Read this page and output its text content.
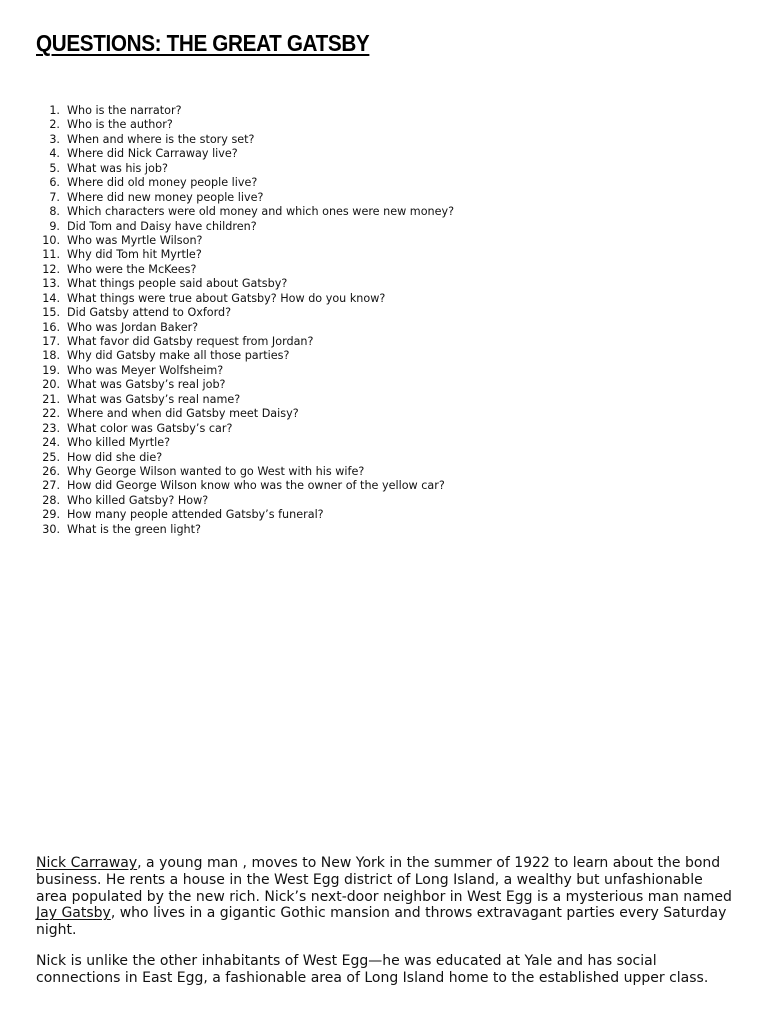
QUESTIONS: THE GREAT GATSBY
1. Who is the narrator?
2. Who is the author?
3. When and where is the story set?
4. Where did Nick Carraway live?
5. What was his job?
6. Where did old money people live?
7. Where did new money people live?
8. Which characters were old money and which ones were new money?
9. Did Tom and Daisy have children?
10. Who was Myrtle Wilson?
11. Why did Tom hit Myrtle?
12. Who were the McKees?
13. What things people said about Gatsby?
14. What things were true about Gatsby? How do you know?
15. Did Gatsby attend to Oxford?
16. Who was Jordan Baker?
17. What favor did Gatsby request from Jordan?
18. Why did Gatsby make all those parties?
19. Who was Meyer Wolfsheim?
20. What was Gatsby’s real job?
21. What was Gatsby’s real name?
22. Where and when did Gatsby meet Daisy?
23. What color was Gatsby’s car?
24. Who killed Myrtle?
25. How did she die?
26. Why George Wilson wanted to go West with his wife?
27. How did George Wilson know who was the owner of the yellow car?
28. Who killed Gatsby? How?
29. How many people attended Gatsby’s funeral?
30. What is the green light?

Nick Carraway, a young man , moves to New York in the summer of 1922 to learn about the bond business. He rents a house in the West Egg district of Long Island, a wealthy but unfashionable area populated by the new rich. Nick’s next-door neighbor in West Egg is a mysterious man named Jay Gatsby, who lives in a gigantic Gothic mansion and throws extravagant parties every Saturday night.

Nick is unlike the other inhabitants of West Egg—he was educated at Yale and has social connections in East Egg, a fashionable area of Long Island home to the established upper class.
